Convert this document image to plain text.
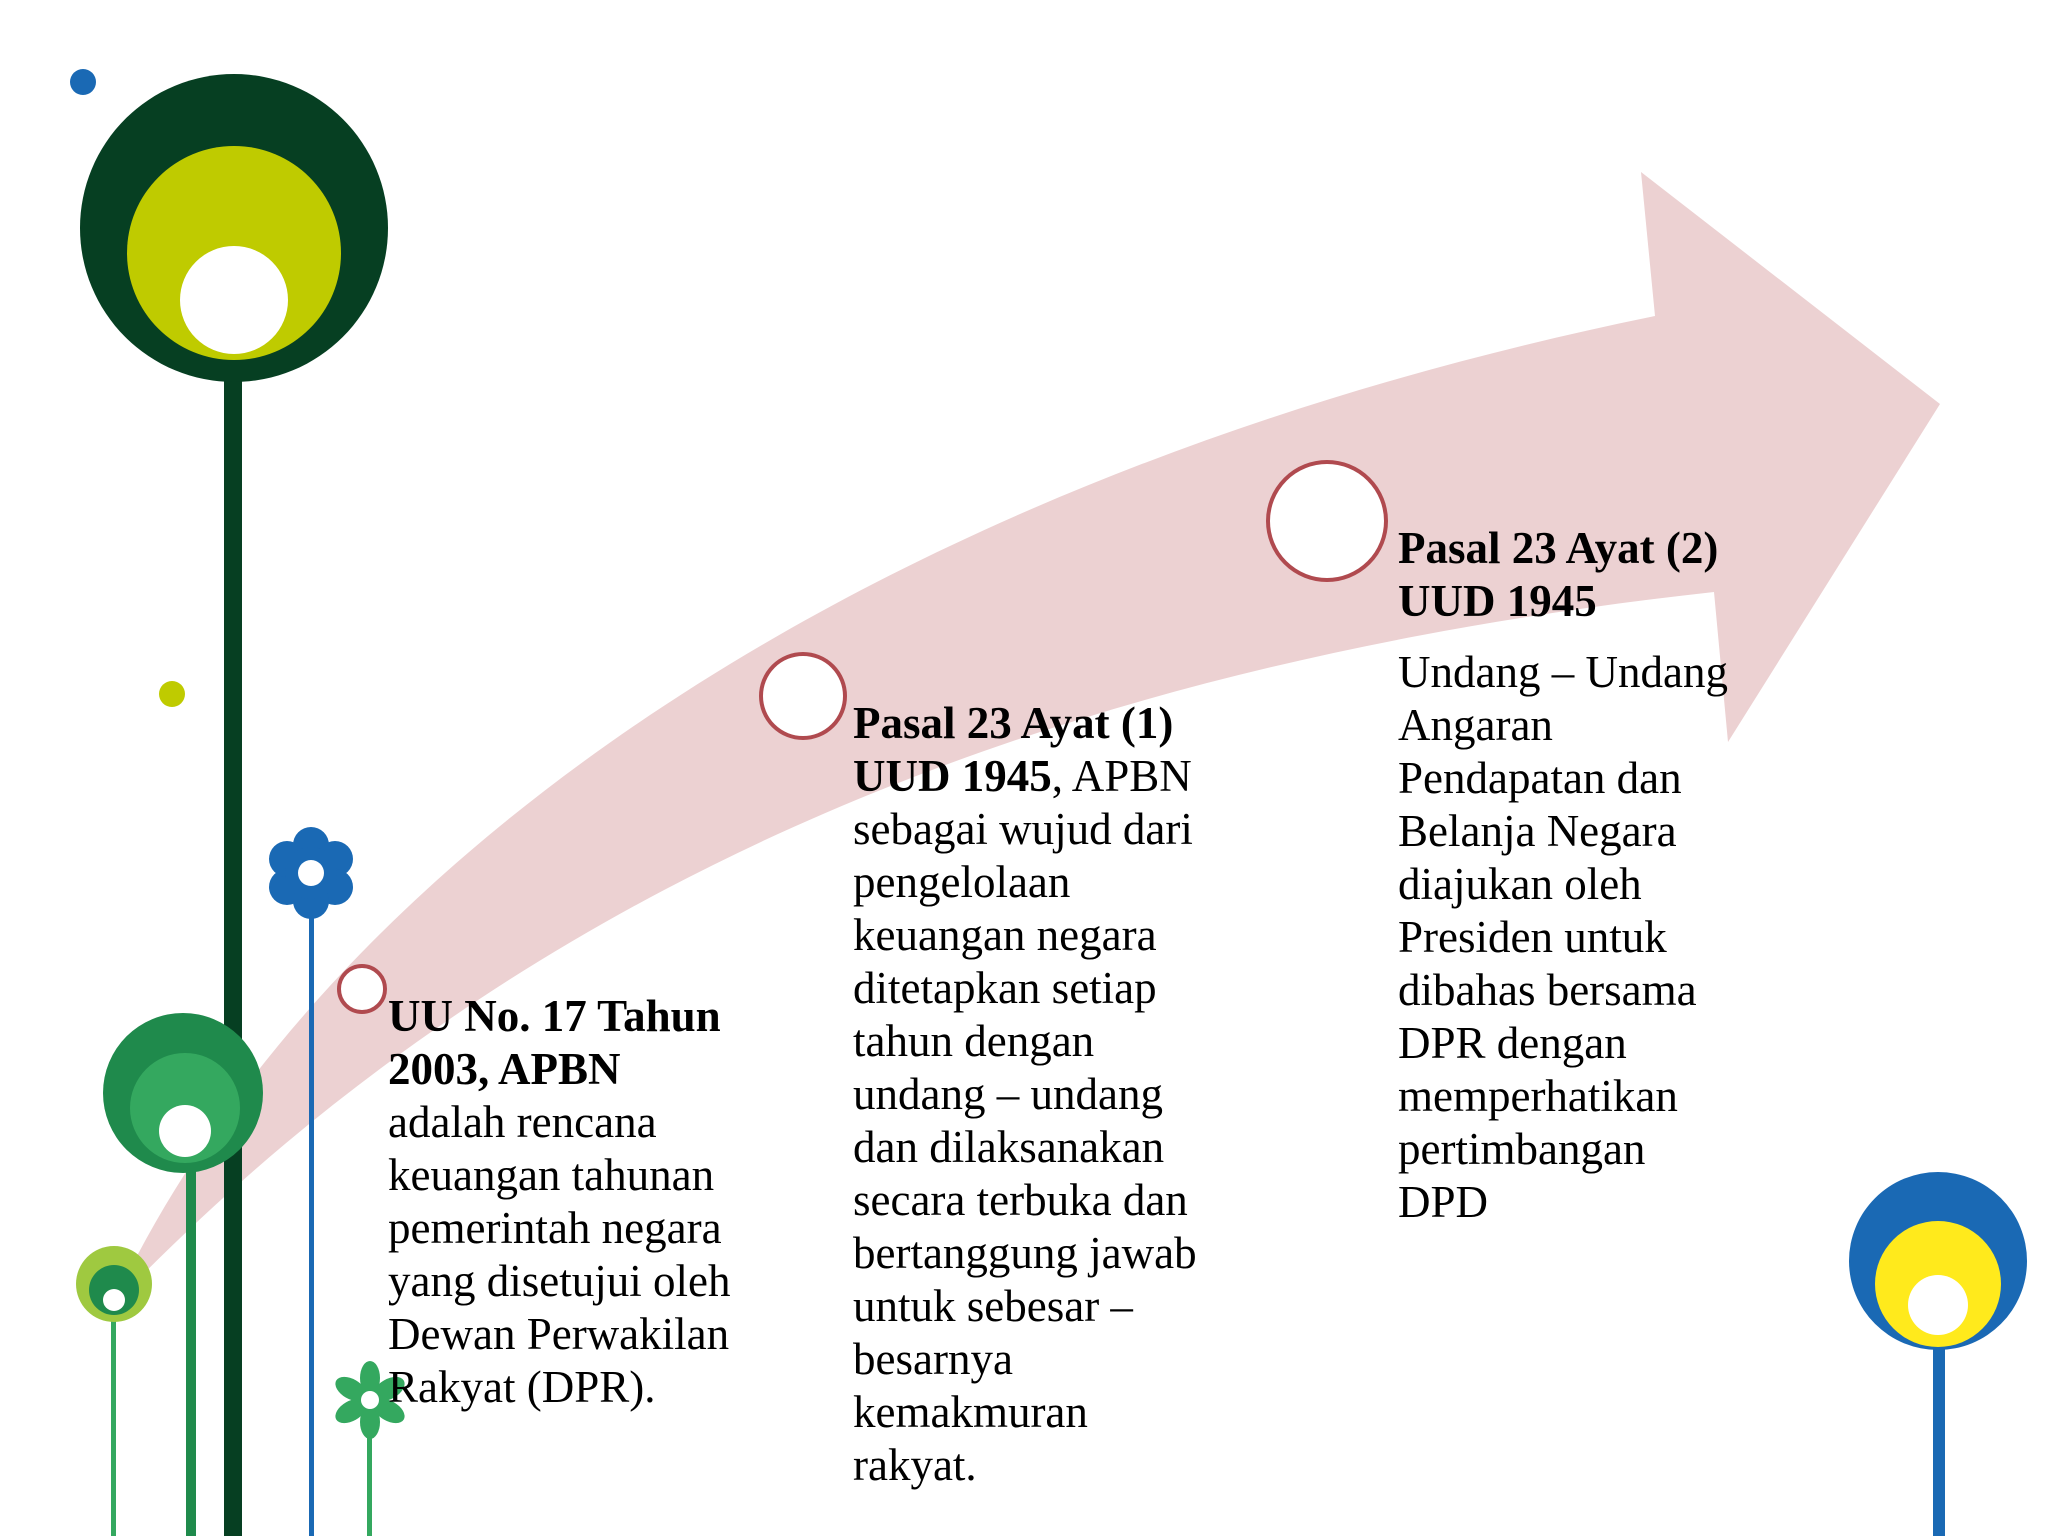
UU No. 17 Tahun

2003, APBN

adalah rencana

keuangan tahunan

pemerintah negara

yang disetujui oleh

Dewan Perwakilan

Rakyat (DPR).

Pasal 23 Ayat (1)

UUD 1945, APBN

sebagai wujud dari

pengelolaan

keuangan negara

ditetapkan setiap

tahun dengan

undang – undang

dan dilaksanakan

secara terbuka dan

bertanggung jawab

untuk sebesar –

besarnya

kemakmuran

rakyat.

Pasal 23 Ayat (2)

UUD 1945

Undang – Undang

Angaran

Pendapatan dan

Belanja Negara

diajukan oleh

Presiden untuk

dibahas bersama

DPR dengan

memperhatikan

pertimbangan

DPD
